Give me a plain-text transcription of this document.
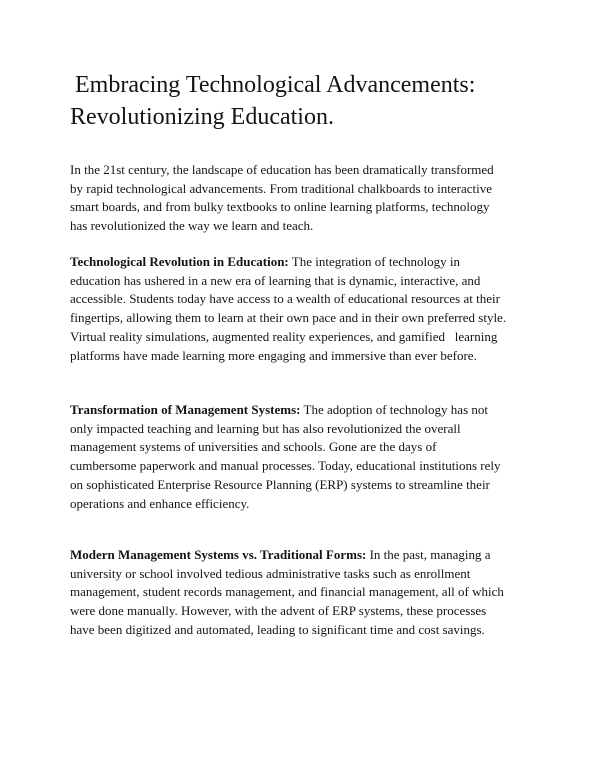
Embracing Technological Advancements:
Revolutionizing Education.

In the 21st century, the landscape of education has been dramatically transformed
by rapid technological advancements. From traditional chalkboards to interactive
smart boards, and from bulky textbooks to online learning platforms, technology
has revolutionized the way we learn and teach.

Technological Revolution in Education: The integration of technology in
education has ushered in a new era of learning that is dynamic, interactive, and
accessible. Students today have access to a wealth of educational resources at their
fingertips, allowing them to learn at their own pace and in their own preferred style.
Virtual reality simulations, augmented reality experiences, and gamified   learning
platforms have made learning more engaging and immersive than ever before.

Transformation of Management Systems: The adoption of technology has not
only impacted teaching and learning but has also revolutionized the overall
management systems of universities and schools. Gone are the days of
cumbersome paperwork and manual processes. Today, educational institutions rely
on sophisticated Enterprise Resource Planning (ERP) systems to streamline their
operations and enhance efficiency.

Modern Management Systems vs. Traditional Forms: In the past, managing a
university or school involved tedious administrative tasks such as enrollment
management, student records management, and financial management, all of which
were done manually. However, with the advent of ERP systems, these processes
have been digitized and automated, leading to significant time and cost savings.
